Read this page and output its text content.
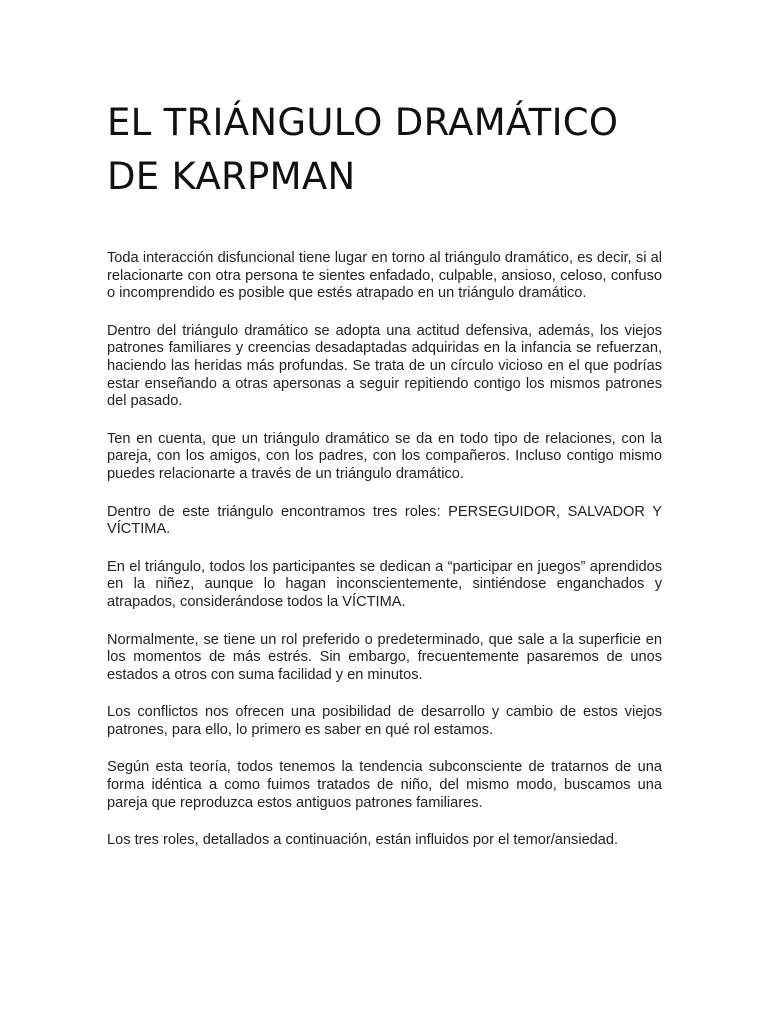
EL TRIÁNGULO DRAMÁTICO
DE KARPMAN

Toda interacción disfuncional tiene lugar en torno al triángulo dramático, es decir, si al relacionarte con otra persona te sientes enfadado, culpable, ansioso, celoso, confuso o incomprendido es posible que estés atrapado en un triángulo dramático.

Dentro del triángulo dramático se adopta una actitud defensiva, además, los viejos patrones familiares y creencias desadaptadas adquiridas en la infancia se refuerzan, haciendo las heridas más profundas. Se trata de un círculo vicioso en el que podrías estar enseñando a otras apersonas a seguir repitiendo contigo los mismos patrones del pasado.

Ten en cuenta, que un triángulo dramático se da en todo tipo de relaciones, con la pareja, con los amigos, con los padres, con los compañeros. Incluso contigo mismo puedes relacionarte a través de un triángulo dramático.

Dentro de este triángulo encontramos tres roles: PERSEGUIDOR, SALVADOR Y VÍCTIMA.

En el triángulo, todos los participantes se dedican a “participar en juegos” aprendidos en la niñez, aunque lo hagan inconscientemente, sintiéndose enganchados y atrapados, considerándose todos la VÍCTIMA.

Normalmente, se tiene un rol preferido o predeterminado, que sale a la superficie en los momentos de más estrés. Sin embargo, frecuentemente pasaremos de unos estados a otros con suma facilidad y en minutos.

Los conflictos nos ofrecen una posibilidad de desarrollo y cambio de estos viejos patrones, para ello, lo primero es saber en qué rol estamos.

Según esta teoría, todos tenemos la tendencia subconsciente de tratarnos de una forma idéntica a como fuimos tratados de niño, del mismo modo, buscamos una pareja que reproduzca estos antiguos patrones familiares.

Los tres roles, detallados a continuación, están influidos por el temor/ansiedad.
